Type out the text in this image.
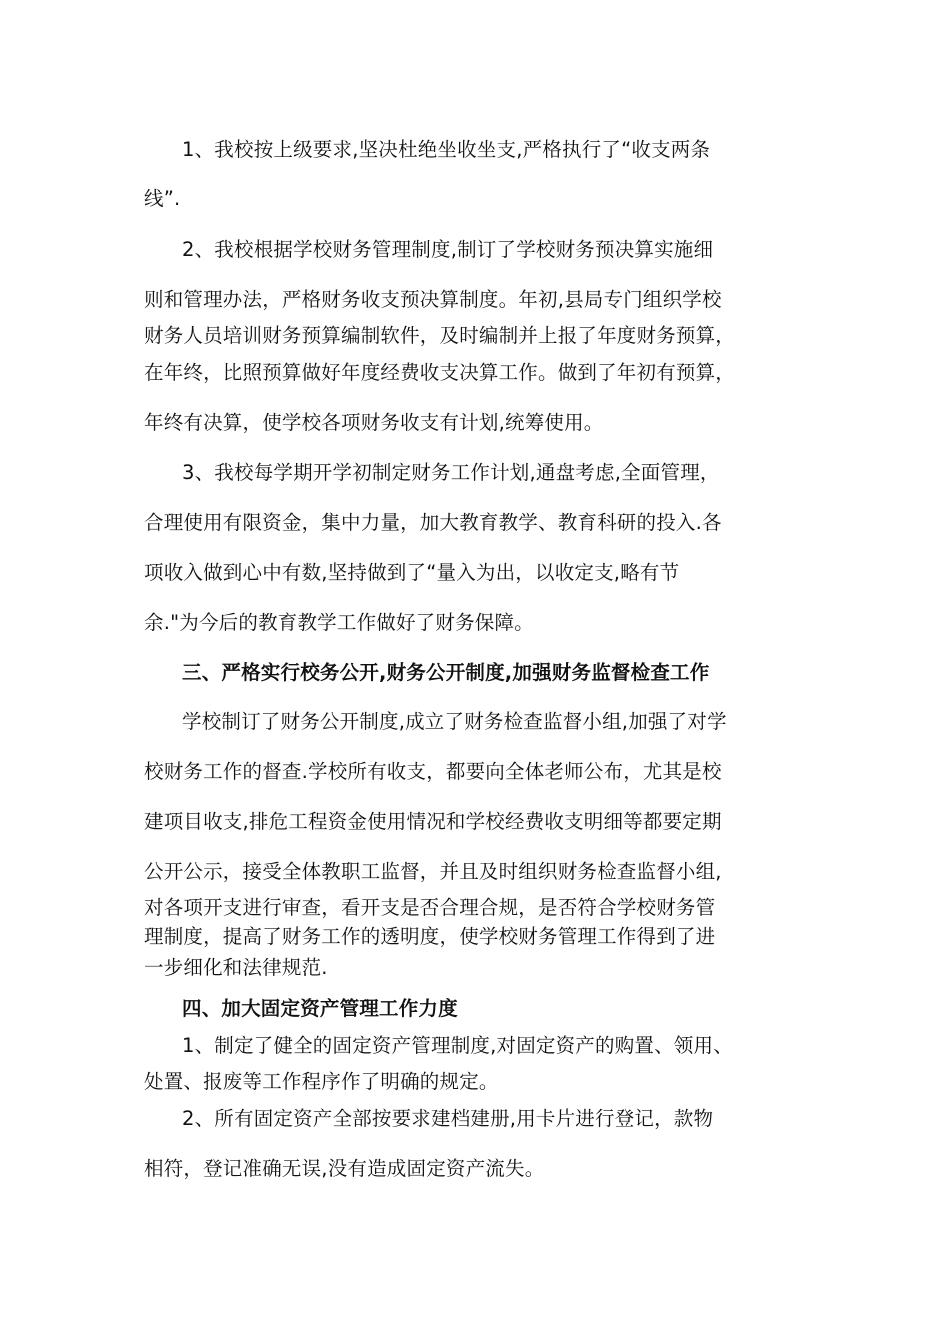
1、我校按上级要求,坚决杜绝坐收坐支,严格执行了“收支两条
线”.
2、我校根据学校财务管理制度,制订了学校财务预决算实施细
则和管理办法，严格财务收支预决算制度。年初,县局专门组织学校
财务人员培训财务预算编制软件，及时编制并上报了年度财务预算，
在年终，比照预算做好年度经费收支决算工作。做到了年初有预算，
年终有决算，使学校各项财务收支有计划,统筹使用。
3、我校每学期开学初制定财务工作计划,通盘考虑,全面管理，
合理使用有限资金，集中力量，加大教育教学、教育科研的投入.各
项收入做到心中有数,坚持做到了“量入为出，以收定支,略有节
余."为今后的教育教学工作做好了财务保障。
三、严格实行校务公开,财务公开制度,加强财务监督检查工作
学校制订了财务公开制度,成立了财务检查监督小组,加强了对学
校财务工作的督查.学校所有收支，都要向全体老师公布，尤其是校
建项目收支,排危工程资金使用情况和学校经费收支明细等都要定期
公开公示，接受全体教职工监督，并且及时组织财务检查监督小组,
对各项开支进行审查，看开支是否合理合规，是否符合学校财务管
理制度，提高了财务工作的透明度，使学校财务管理工作得到了进
一步细化和法律规范.
四、加大固定资产管理工作力度
1、制定了健全的固定资产管理制度,对固定资产的购置、领用、
处置、报废等工作程序作了明确的规定。
2、所有固定资产全部按要求建档建册,用卡片进行登记，款物
相符，登记准确无误,没有造成固定资产流失。
